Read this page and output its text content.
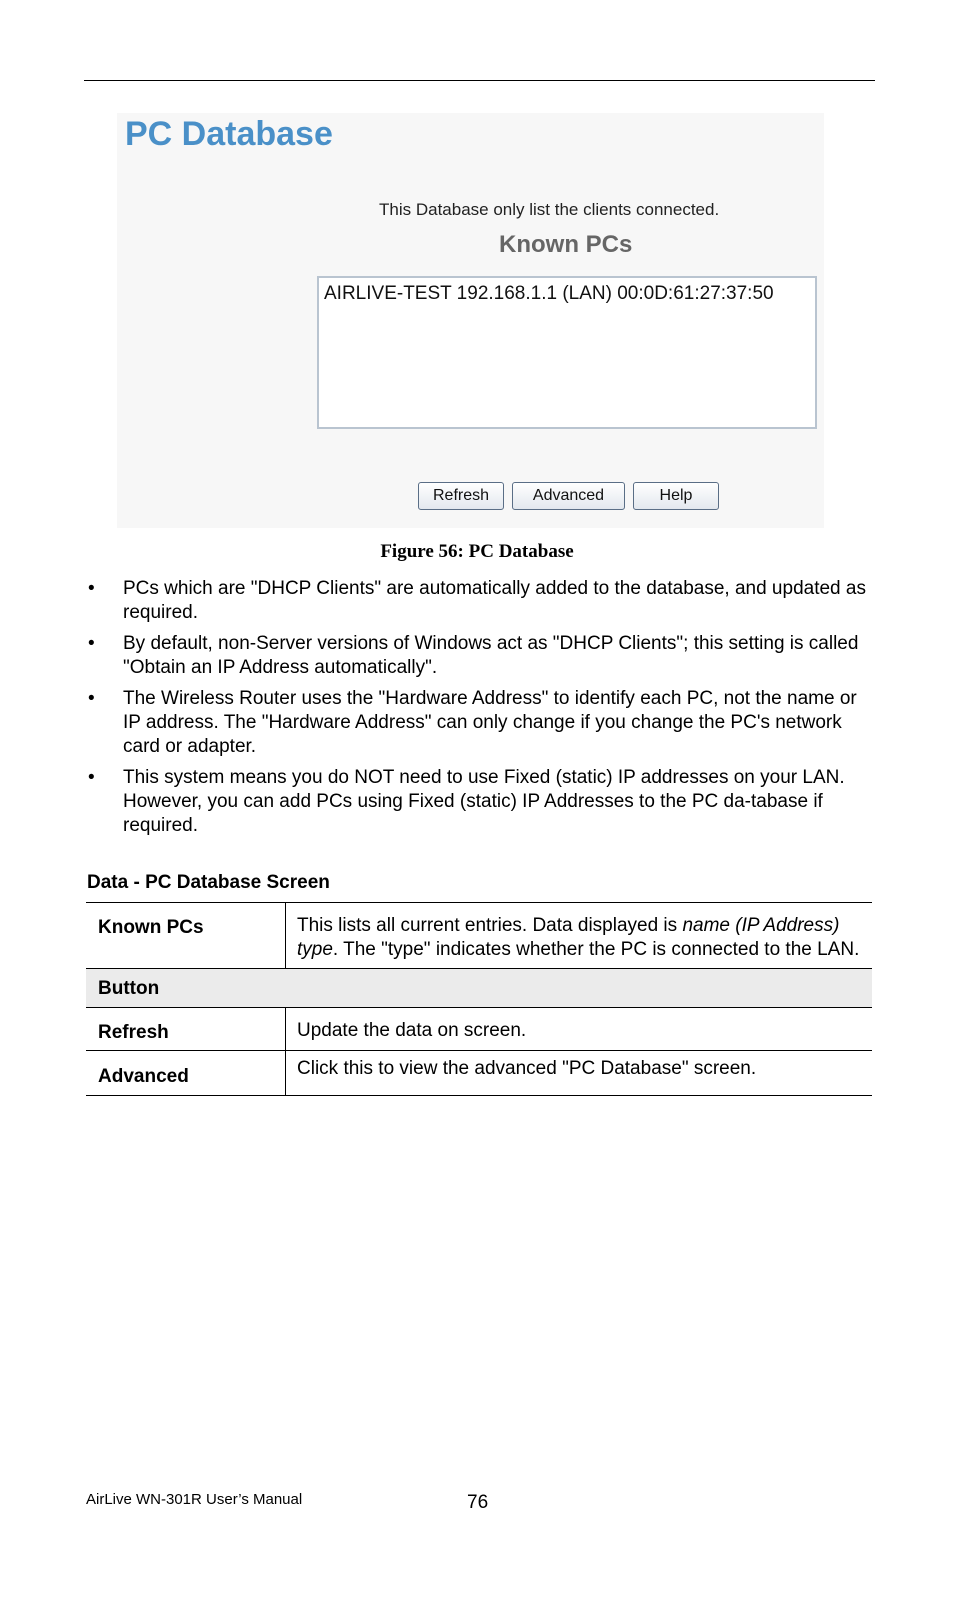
PC Database
This Database only list the clients connected.
Known PCs
AIRLIVE-TEST 192.168.1.1 (LAN) 00:0D:61:27:37:50
Refresh	Advanced	Help
Figure 56: PC Database
• PCs which are "DHCP Clients" are automatically added to the database, and updated as required.
• By default, non-Server versions of Windows act as "DHCP Clients"; this setting is called "Obtain an IP Address automatically".
• The Wireless Router uses the "Hardware Address" to identify each PC, not the name or IP address. The "Hardware Address" can only change if you change the PC's network card or adapter.
• This system means you do NOT need to use Fixed (static) IP addresses on your LAN. However, you can add PCs using Fixed (static) IP Addresses to the PC da-tabase if required.
Data - PC Database Screen
Known PCs	This lists all current entries. Data displayed is name (IP Address) type. The "type" indicates whether the PC is connected to the LAN.
Button	
Refresh	Update the data on screen.
Advanced	Click this to view the advanced "PC Database" screen.
AirLive WN-301R User’s Manual	76
